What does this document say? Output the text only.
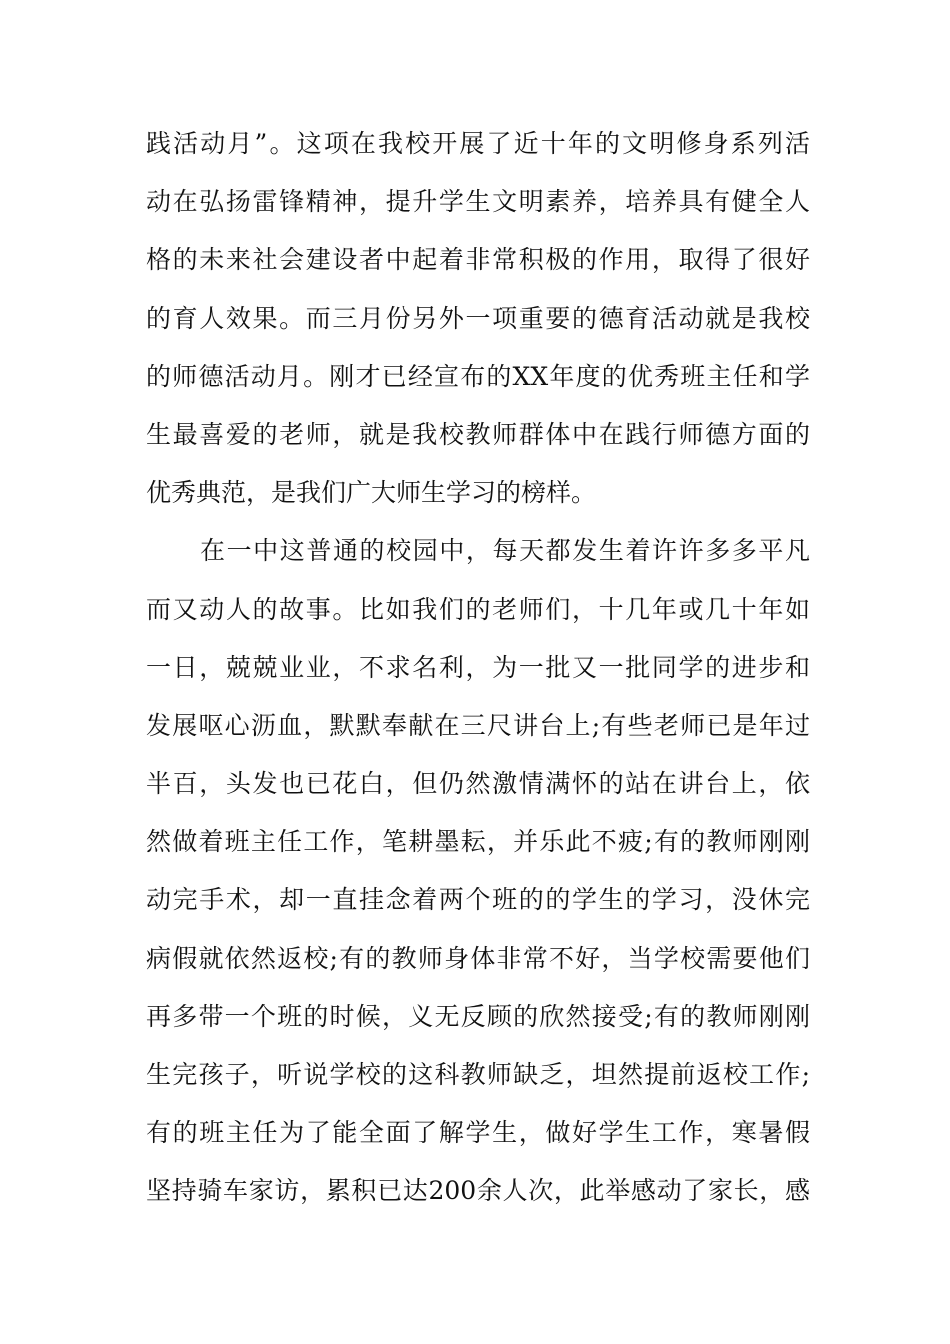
践活动月”。这项在我校开展了近十年的文明修身系列活
动在弘扬雷锋精神，提升学生文明素养，培养具有健全人
格的未来社会建设者中起着非常积极的作用，取得了很好
的育人效果。而三月份另外一项重要的德育活动就是我校
的师德活动月。刚才已经宣布的XX年度的优秀班主任和学
生最喜爱的老师，就是我校教师群体中在践行师德方面的
优秀典范，是我们广大师生学习的榜样。
在一中这普通的校园中，每天都发生着许许多多平凡
而又动人的故事。比如我们的老师们，十几年或几十年如
一日，兢兢业业，不求名利，为一批又一批同学的进步和
发展呕心沥血，默默奉献在三尺讲台上;有些老师已是年过
半百，头发也已花白，但仍然激情满怀的站在讲台上，依
然做着班主任工作，笔耕墨耘，并乐此不疲;有的教师刚刚
动完手术，却一直挂念着两个班的的学生的学习，没休完
病假就依然返校;有的教师身体非常不好，当学校需要他们
再多带一个班的时候，义无反顾的欣然接受;有的教师刚刚
生完孩子，听说学校的这科教师缺乏，坦然提前返校工作;
有的班主任为了能全面了解学生，做好学生工作，寒暑假
坚持骑车家访，累积已达200余人次，此举感动了家长，感
